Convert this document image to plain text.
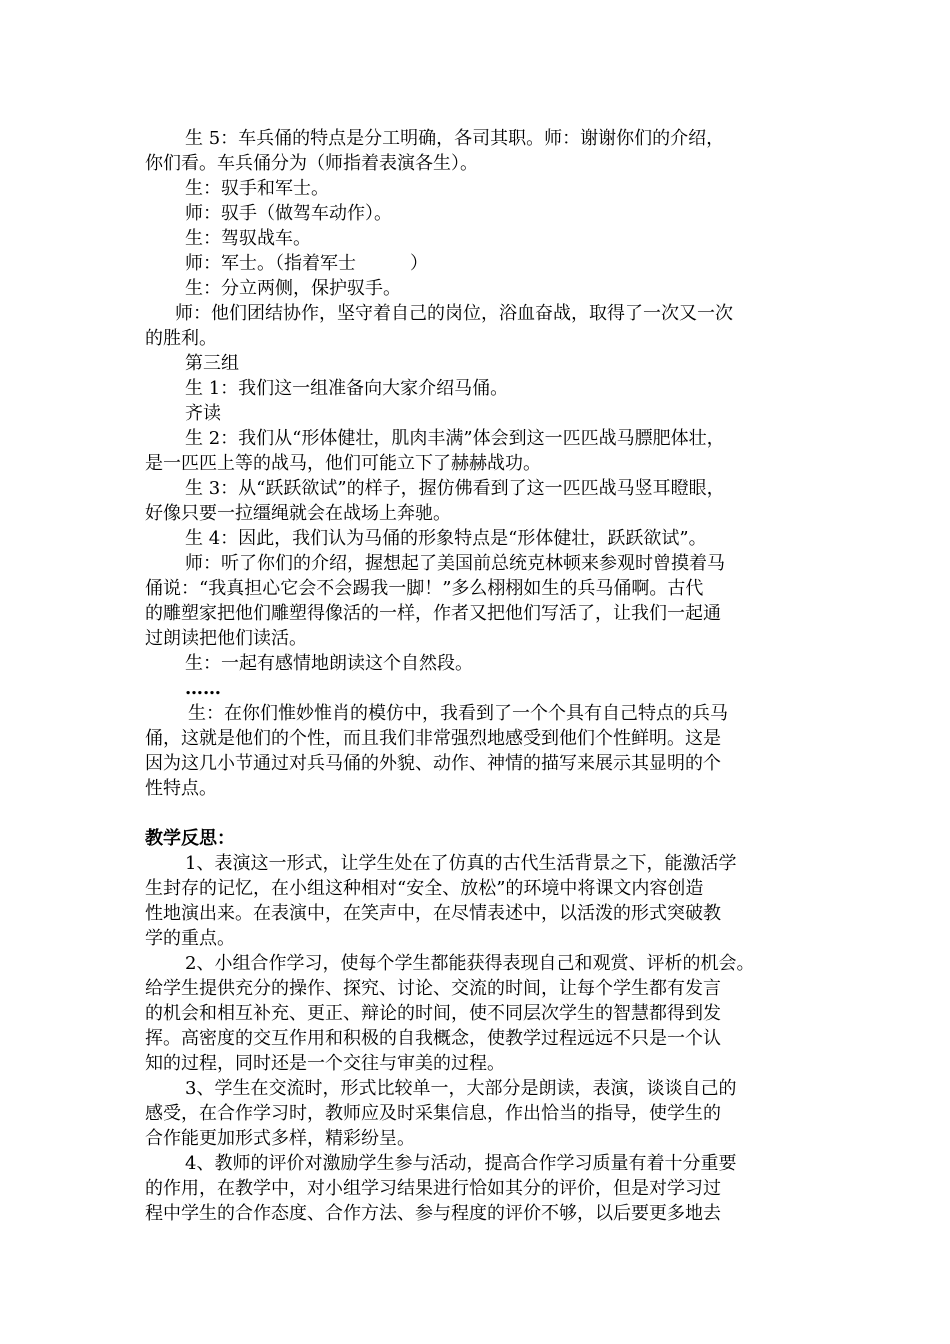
生 5：车兵俑的特点是分工明确，各司其职。师：谢谢你们的介绍，
你们看。车兵俑分为（师指着表演各生）。
生：驭手和军士。
师：驭手（做驾车动作）。
生：驾驭战车。
师：军士。（指着军士　　　）
生：分立两侧，保护驭手。
师：他们团结协作，坚守着自己的岗位，浴血奋战，取得了一次又一次
的胜利。
第三组
生 1：我们这一组准备向大家介绍马俑。
齐读
生 2：我们从“形体健壮，肌肉丰满”体会到这一匹匹战马膘肥体壮，
是一匹匹上等的战马，他们可能立下了赫赫战功。
生 3：从“跃跃欲试”的样子，握仿佛看到了这一匹匹战马竖耳瞪眼，
好像只要一拉缰绳就会在战场上奔驰。
生 4：因此，我们认为马俑的形象特点是“形体健壮，跃跃欲试”。
师：听了你们的介绍，握想起了美国前总统克林顿来参观时曾摸着马
俑说：“我真担心它会不会踢我一脚！”多么栩栩如生的兵马俑啊。古代
的雕塑家把他们雕塑得像活的一样，作者又把他们写活了，让我们一起通
过朗读把他们读活。
生：一起有感情地朗读这个自然段。
……
生：在你们惟妙惟肖的模仿中，我看到了一个个具有自己特点的兵马
俑，这就是他们的个性，而且我们非常强烈地感受到他们个性鲜明。这是
因为这几小节通过对兵马俑的外貌、动作、神情的描写来展示其显明的个
性特点。
教学反思：
1、表演这一形式，让学生处在了仿真的古代生活背景之下，能激活学
生封存的记忆，在小组这种相对“安全、放松”的环境中将课文内容创造
性地演出来。在表演中，在笑声中，在尽情表述中，以活泼的形式突破教
学的重点。
2、小组合作学习，使每个学生都能获得表现自己和观赏、评析的机会。
给学生提供充分的操作、探究、讨论、交流的时间，让每个学生都有发言
的机会和相互补充、更正、辩论的时间，使不同层次学生的智慧都得到发
挥。高密度的交互作用和积极的自我概念，使教学过程远远不只是一个认
知的过程，同时还是一个交往与审美的过程。
3、学生在交流时，形式比较单一，大部分是朗读，表演，谈谈自己的
感受，在合作学习时，教师应及时采集信息，作出恰当的指导，使学生的
合作能更加形式多样，精彩纷呈。
4、教师的评价对激励学生参与活动，提高合作学习质量有着十分重要
的作用，在教学中，对小组学习结果进行恰如其分的评价，但是对学习过
程中学生的合作态度、合作方法、参与程度的评价不够，以后要更多地去
